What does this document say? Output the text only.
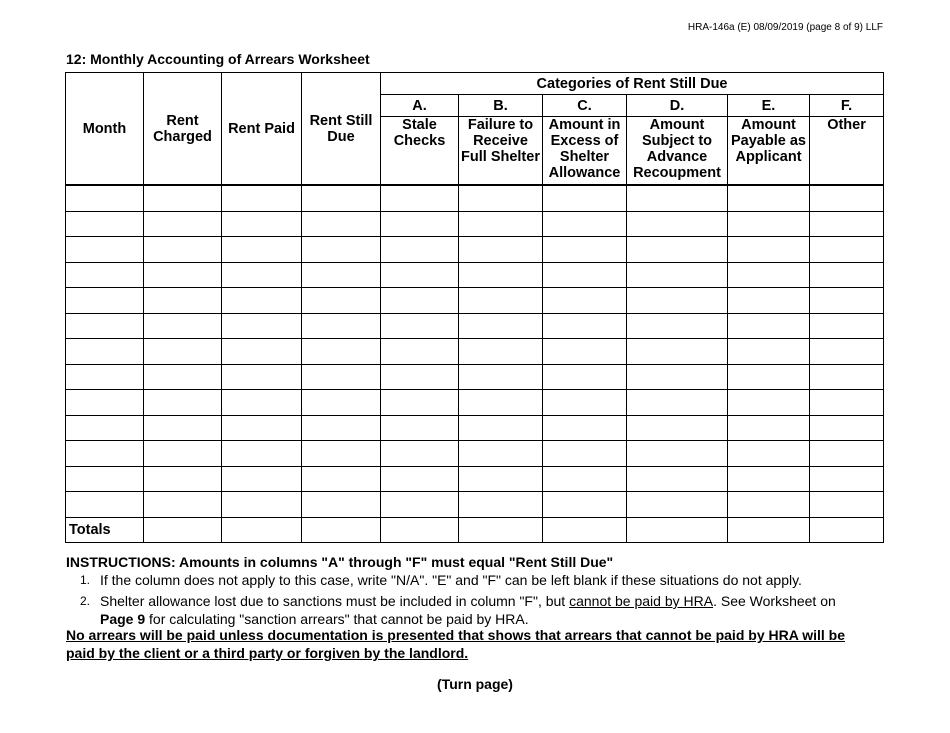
HRA-146a (E) 08/09/2019 (page 8 of 9) LLF
12: Monthly Accounting of Arrears Worksheet
Month	Rent Charged	Rent Paid	Rent Still Due	Categories of Rent Still Due					
				A.	B.	C.	D.	E.	F.
				Stale Checks	Failure to Receive Full Shelter	Amount in Excess of Shelter Allowance	Amount Subject to Advance Recoupment	Amount Payable as Applicant	Other

Totals									
INSTRUCTIONS: Amounts in columns "A" through "F" must equal "Rent Still Due"
1. If the column does not apply to this case, write "N/A". "E" and "F" can be left blank if these situations do not apply.
2. Shelter allowance lost due to sanctions must be included in column "F", but cannot be paid by HRA. See Worksheet on Page 9 for calculating "sanction arrears" that cannot be paid by HRA.
No arrears will be paid unless documentation is presented that shows that arrears that cannot be paid by HRA will be paid by the client or a third party or forgiven by the landlord.
(Turn page)
